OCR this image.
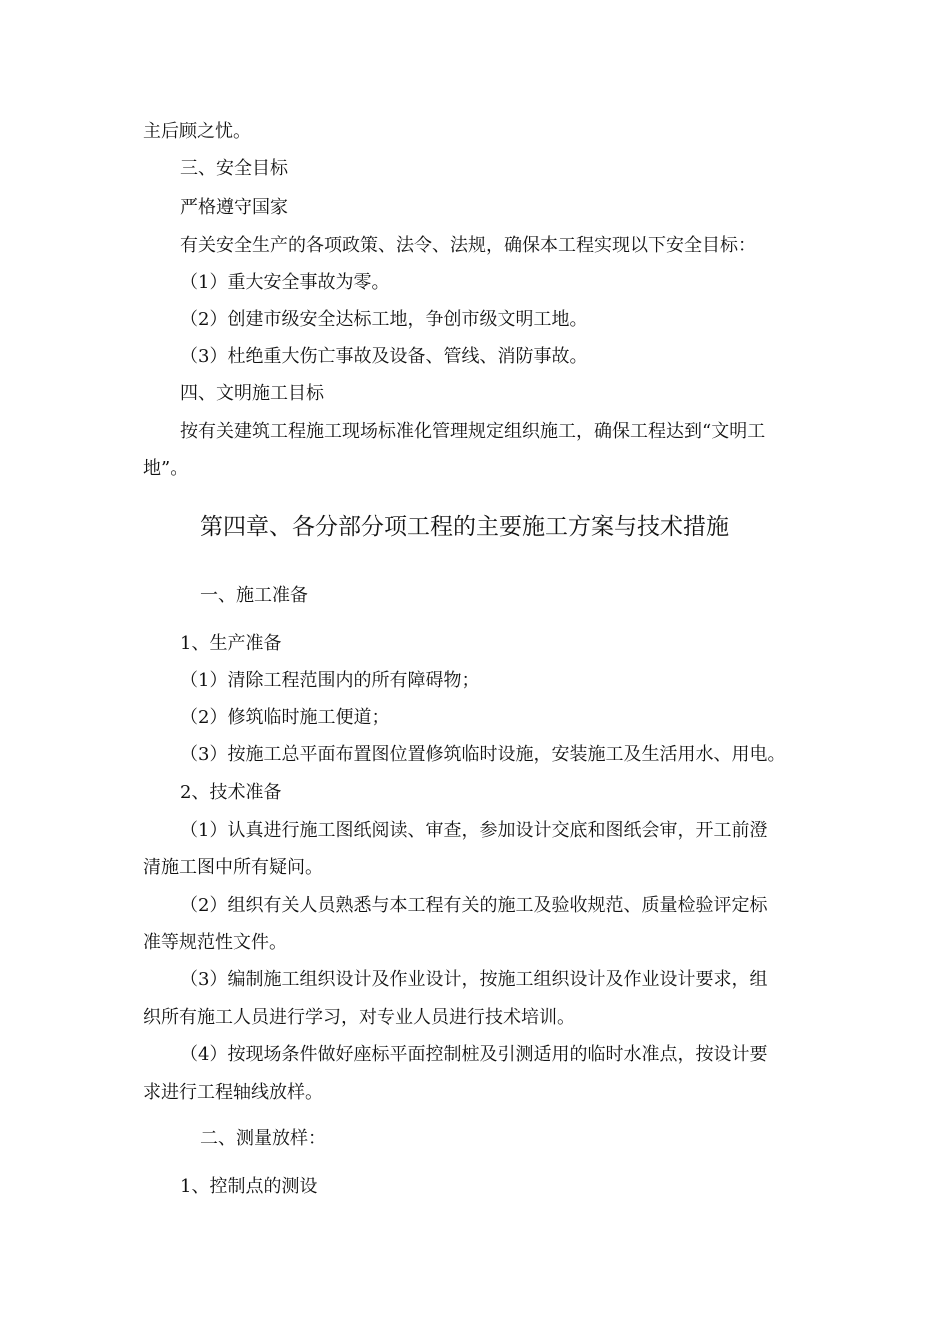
主后顾之忧。
三、安全目标
严格遵守国家
有关安全生产的各项政策、法令、法规，确保本工程实现以下安全目标：
（1）重大安全事故为零。
（2）创建市级安全达标工地，争创市级文明工地。
（3）杜绝重大伤亡事故及设备、管线、消防事故。
四、文明施工目标
按有关建筑工程施工现场标准化管理规定组织施工，确保工程达到“文明工
地”。
第四章、各分部分项工程的主要施工方案与技术措施
一、施工准备
1、生产准备
（1）清除工程范围内的所有障碍物；
（2）修筑临时施工便道；
（3）按施工总平面布置图位置修筑临时设施，安装施工及生活用水、用电。
2、技术准备
（1）认真进行施工图纸阅读、审查，参加设计交底和图纸会审，开工前澄
清施工图中所有疑问。
（2）组织有关人员熟悉与本工程有关的施工及验收规范、质量检验评定标
准等规范性文件。
（3）编制施工组织设计及作业设计，按施工组织设计及作业设计要求，组
织所有施工人员进行学习，对专业人员进行技术培训。
（4）按现场条件做好座标平面控制桩及引测适用的临时水准点，按设计要
求进行工程轴线放样。
二、测量放样：
1、控制点的测设
